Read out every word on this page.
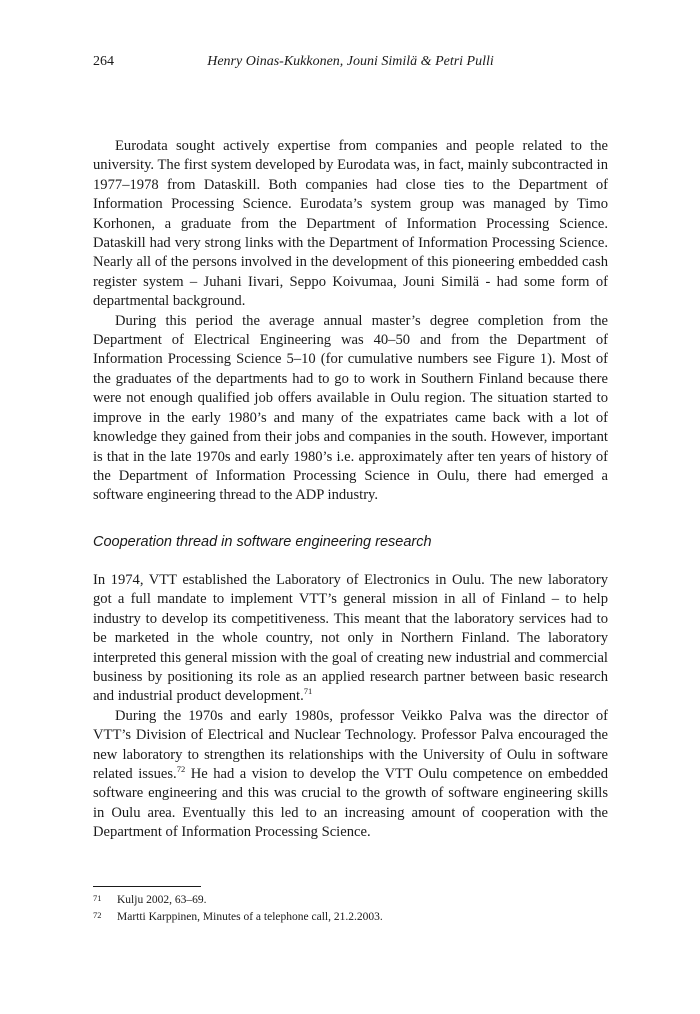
264	Henry Oinas-Kukkonen, Jouni Similä & Petri Pulli

Eurodata sought actively expertise from companies and people related to the university. The first system developed by Eurodata was, in fact, mainly subcontracted in 1977–1978 from Dataskill. Both companies had close ties to the Department of Information Processing Science. Eurodata’s system group was managed by Timo Korhonen, a graduate from the Department of Information Processing Science. Dataskill had very strong links with the Department of Information Processing Science. Nearly all of the persons involved in the development of this pioneering embedded cash register system – Juhani Iivari, Seppo Koivumaa, Jouni Similä - had some form of departmental background.

During this period the average annual master’s degree completion from the Department of Electrical Engineering was 40–50 and from the Department of Information Processing Science 5–10 (for cumulative numbers see Figure 1). Most of the graduates of the departments had to go to work in Southern Finland because there were not enough qualified job offers available in Oulu region. The situation started to improve in the early 1980’s and many of the expatriates came back with a lot of knowledge they gained from their jobs and companies in the south. However, important is that in the late 1970s and early 1980’s i.e. approximately after ten years of history of the Department of Information Processing Science in Oulu, there had emerged a software engineering thread to the ADP industry.

Cooperation thread in software engineering research

In 1974, VTT established the Laboratory of Electronics in Oulu. The new laboratory got a full mandate to implement VTT’s general mission in all of Finland – to help industry to develop its competitiveness. This meant that the laboratory services had to be marketed in the whole country, not only in Northern Finland. The laboratory interpreted this general mission with the goal of creating new industrial and commercial business by positioning its role as an applied research partner between basic research and industrial product development.$^{71}$

During the 1970s and early 1980s, professor Veikko Palva was the director of VTT’s Division of Electrical and Nuclear Technology. Professor Palva encouraged the new laboratory to strengthen its relationships with the University of Oulu in software related issues.$^{72}$ He had a vision to develop the VTT Oulu competence on embedded software engineering and this was crucial to the growth of software engineering skills in Oulu area. Eventually this led to an increasing amount of cooperation with the Department of Information Processing Science.

71 Kulju 2002, 63–69.
72 Martti Karppinen, Minutes of a telephone call, 21.2.2003.
